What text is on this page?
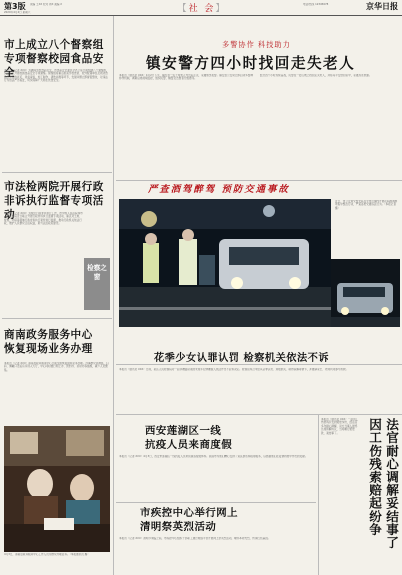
第3版 责编 王XX 校对 周X 美编 X
2020年4月4日 星期六	【社 会】	电话/热线 12345678	京华日报
市上成立八个督察组
专项督察校园食品安全
本报讯（记者 XXX）为确保学校食品安全，市食品安全委员会办公室日前组建八个督察组，深入各区开展校园食品安全专项督察。督察组将重点检查学校食堂、校外配餐单位及周边食品经营者的许可、进货查验、加工制作、清洗消毒等环节，发现问题立即督促整改，对违法行为依法严厉查处，切实保障广大师生饮食安全。
市法检两院开展行政
非诉执行监督专项活动
本报讯（记者 XXX）为规范行政非诉执行工作，市中级人民法院和市人民检察院近日联合开展行政非诉执行监督专项活动，重点对土地、规划、环保等领域行政非诉执行案件进行监督，推动行政机关依法行政，维护人民群众合法权益，助力法治政府建设。
检察之窗
商南政务服务中心
恢复现场业务办理
本报讯（记者 XXX）商南县政务服务中心日前全面恢复现场业务办理。办事群众需测温、扫码、佩戴口罩后有序进入大厅，中心同时推行网上办、预约办、延时办等措施，减少人员聚集。
4月3日，商南县政务服务中心工作人员为群众办理业务。（本报通讯员 摄）
多警协作 科技助力
镇安警方四小时找回走失老人
本报讯（通讯员 XXX）4月2日下午，镇安县一名七旬老人外出后走失，家属焦急报警。镇安县公安局立即启动多警种协作机制，调取沿途视频监控，组织民警、辅警及志愿者分组搜寻。
经过四个小时连续奋战，民警在一处山坡上找到走失老人，并将其平安送回家中，家属连连致谢。
严查酒驾醉驾 预防交通事故
近日，市公安局交警支队在全市范围内开展夜间酒驾醉驾集中整治行动，严查各类交通违法行为。（本报记者 摄）
花季少女认罪认罚 检察机关依法不诉
本报讯（通讯员 XXX）日前，某区人民检察院对一起涉嫌盗窃案的未成年犯罪嫌疑人依法作出不起诉决定。检察官综合考虑其认罪认罚、退赔损失、取得谅解等情节，并邀请家长、老师共同参与帮教。
西安莲湖区一线
抗疫人员来商度假
本报讯（记者 XXX）4月3日，西安市莲湖区一线抗疫人员来到商洛度假休养。商洛市为他们精心安排了景区游览和接待服务，以感谢他们在疫情防控中作出的贡献。
市疾控中心举行网上
清明祭英烈活动
本报讯（记者 XXX）清明节来临之际，市疾控中心组织干部职工通过网络平台开展网上祭英烈活动，缅怀革命先烈，传承红色基因。
本报讯（通讯员 XXX）一起因工伤致残引发的赔偿纠纷，经法官多次耐心调解，双方当事人最终达成和解协议，当场履行赔偿款，案结事了。	法官耐心调解妥结事了
因工伤残索赔起纷争
